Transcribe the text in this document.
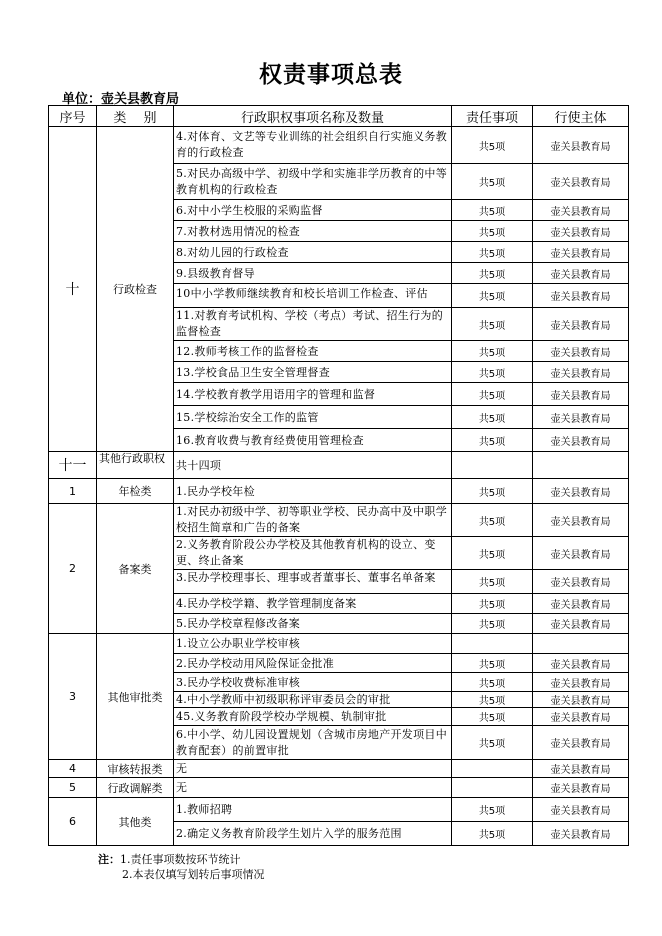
权责事项总表
单位：壶关县教育局
序号	类　 别	行政职权事项名称及数量	责任事项	行使主体
十	行政检查	4.对体育、文艺等专业训练的社会组织自行实施义务教育的行政检查	共5项	壶关县教育局
		5.对民办高级中学、初级中学和实施非学历教育的中等教育机构的行政检查	共5项	壶关县教育局
		6.对中小学生校服的采购监督	共5项	壶关县教育局
		7.对教材选用情况的检查	共5项	壶关县教育局
		8.对幼儿园的行政检查	共5项	壶关县教育局
		9.县级教育督导	共5项	壶关县教育局
		10中小学教师继续教育和校长培训工作检查、评估	共5项	壶关县教育局
		11.对教育考试机构、学校（考点）考试、招生行为的监督检查	共5项	壶关县教育局
		12.教师考核工作的监督检查	共5项	壶关县教育局
		13.学校食品卫生安全管理督查	共5项	壶关县教育局
		14.学校教育教学用语用字的管理和监督	共5项	壶关县教育局
		15.学校综治安全工作的监管	共5项	壶关县教育局
		16.教育收费与教育经费使用管理检查	共5项	壶关县教育局
十一	其他行政职权	共十四项		
1	年检类	1.民办学校年检	共5项	壶关县教育局
2	备案类	1.对民办初级中学、初等职业学校、民办高中及中职学校招生简章和广告的备案	共5项	壶关县教育局
		2.义务教育阶段公办学校及其他教育机构的设立、变更、终止备案	共5项	壶关县教育局
		3.民办学校理事长、理事或者董事长、董事名单备案	共5项	壶关县教育局
		4.民办学校学籍、教学管理制度备案	共5项	壶关县教育局
		5.民办学校章程修改备案	共5项	壶关县教育局
3	其他审批类	1.设立公办职业学校审核		
		2.民办学校动用风险保证金批准	共5项	壶关县教育局
		3.民办学校收费标准审核	共5项	壶关县教育局
		4.中小学教师中初级职称评审委员会的审批	共5项	壶关县教育局
		45.义务教育阶段学校办学规模、轨制审批	共5项	壶关县教育局
		6.中小学、幼儿园设置规划（含城市房地产开发项目中教育配套）的前置审批	共5项	壶关县教育局
4	审核转报类	无		壶关县教育局
5	行政调解类	无		壶关县教育局
6	其他类	1.教师招聘	共5项	壶关县教育局
		2.确定义务教育阶段学生划片入学的服务范围	共5项	壶关县教育局
注：1.责任事项数按环节统计
2.本表仅填写划转后事项情况
